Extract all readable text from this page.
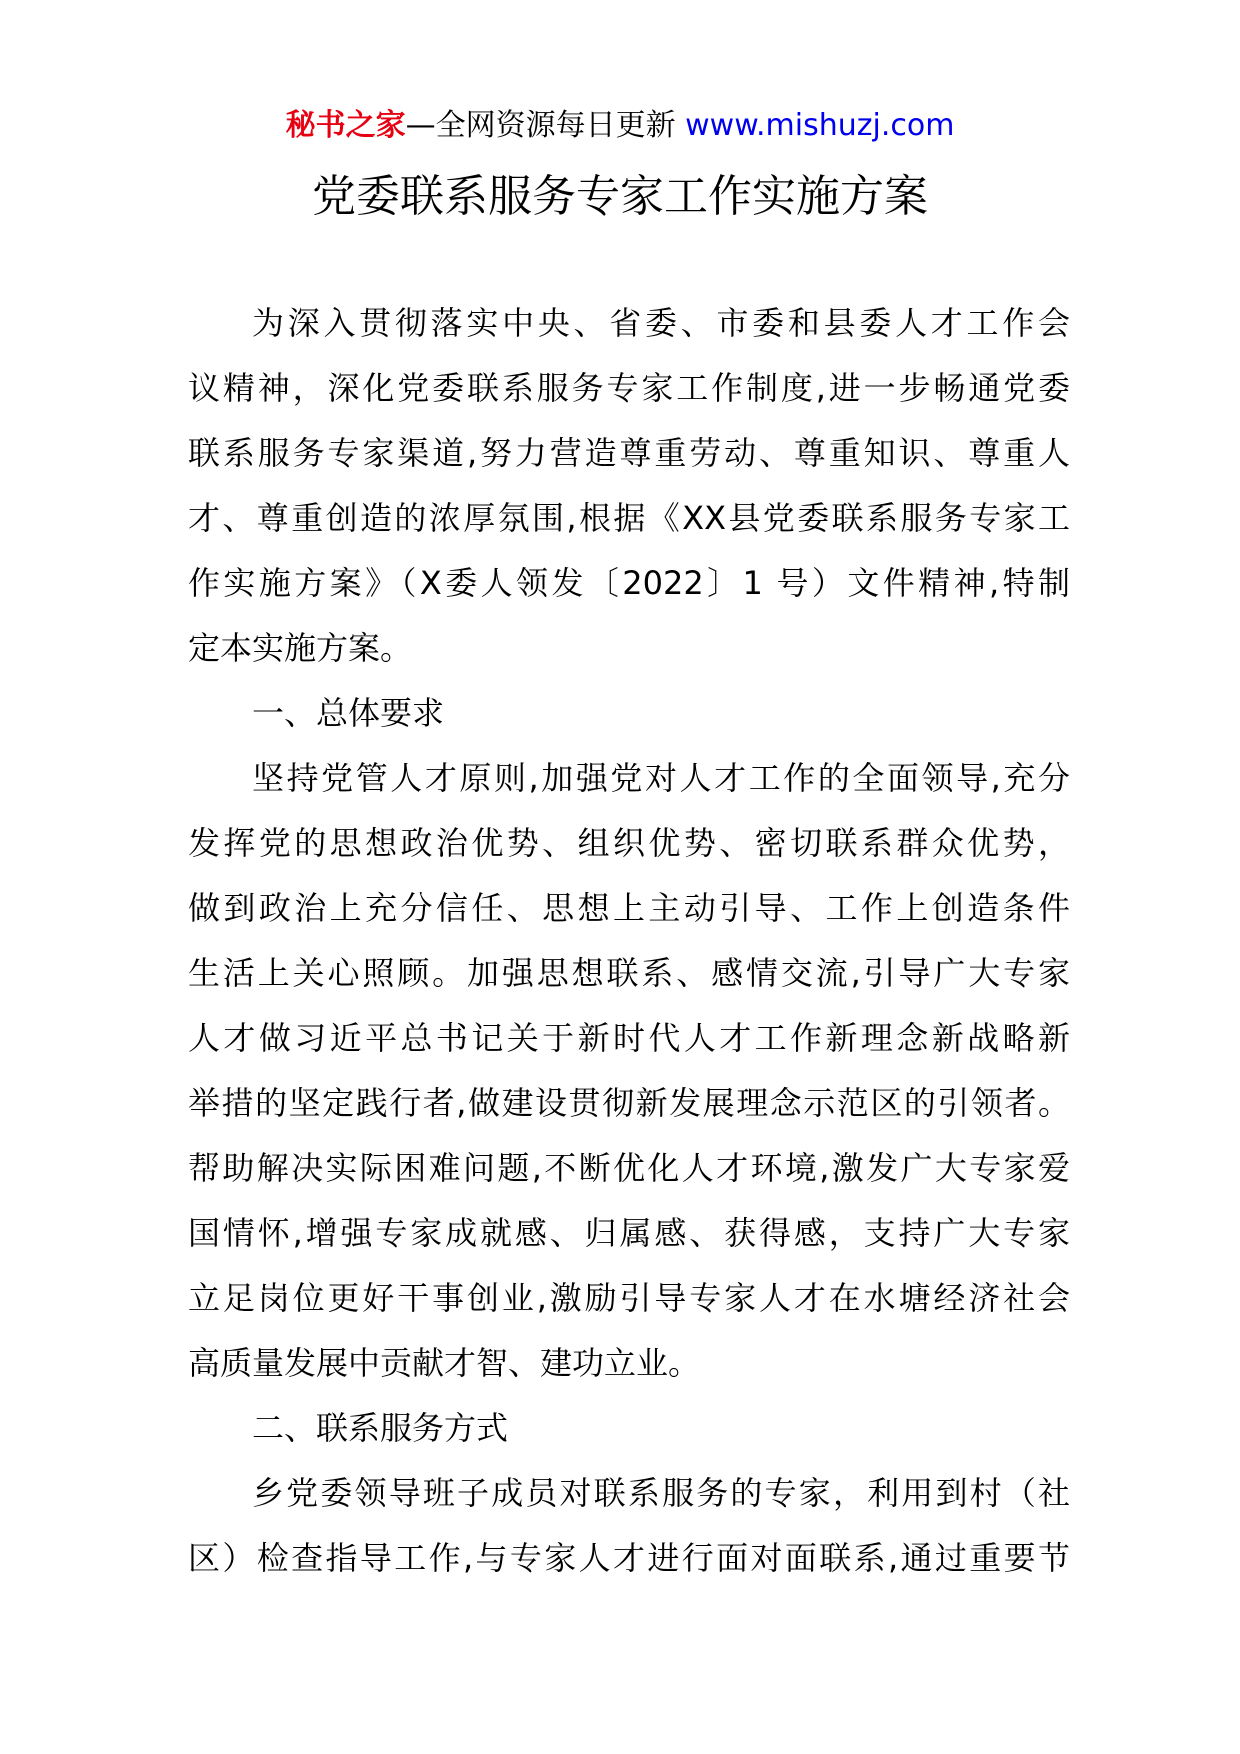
秘书之家—全网资源每日更新 www.mishuzj.com
党委联系服务专家工作实施方案
为深入贯彻落实中央、省委、市委和县委人才工作会
议精神，深化党委联系服务专家工作制度,进一步畅通党委
联系服务专家渠道,努力营造尊重劳动、尊重知识、尊重人
才、尊重创造的浓厚氛围,根据《XX县党委联系服务专家工
作实施方案》（X委人领发〔2022〕1 号）文件精神,特制
定本实施方案。
一、总体要求
坚持党管人才原则,加强党对人才工作的全面领导,充分
发挥党的思想政治优势、组织优势、密切联系群众优势，
做到政治上充分信任、思想上主动引导、工作上创造条件
生活上关心照顾。加强思想联系、感情交流,引导广大专家
人才做习近平总书记关于新时代人才工作新理念新战略新
举措的坚定践行者,做建设贯彻新发展理念示范区的引领者。
帮助解决实际困难问题,不断优化人才环境,激发广大专家爱
国情怀,增强专家成就感、归属感、获得感，支持广大专家
立足岗位更好干事创业,激励引导专家人才在水塘经济社会
高质量发展中贡献才智、建功立业。
二、联系服务方式
乡党委领导班子成员对联系服务的专家，利用到村（社
区）检查指导工作,与专家人才进行面对面联系,通过重要节
